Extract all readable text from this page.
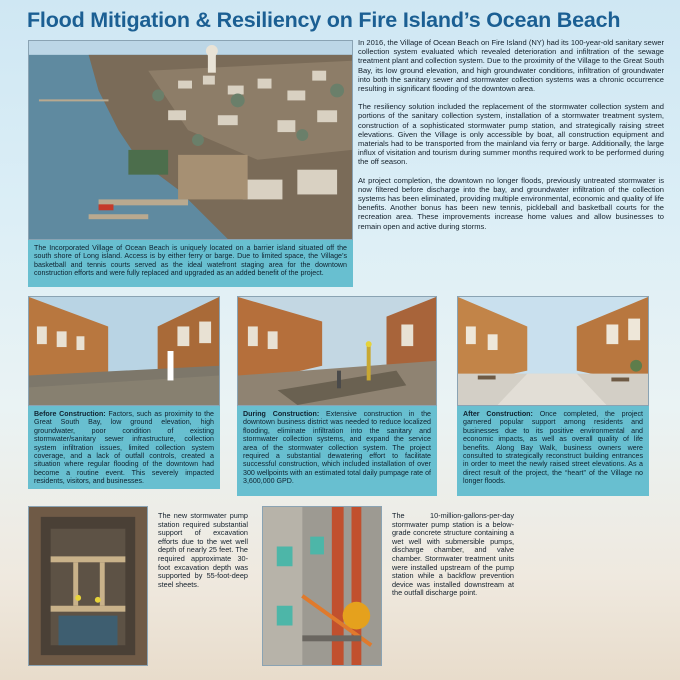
Flood Mitigation & Resiliency on Fire Island’s Ocean Beach
The Incorporated Village of Ocean Beach is uniquely located on a barrier island situated off the south shore of Long island. Access is by either ferry or barge. Due to limited space, the Village’s basketball and tennis courts served as the ideal watefront staging area for the downtown construction efforts and were fully replaced and upgraded as an added benefit of the project.

In 2016, the Village of Ocean Beach on Fire Island (NY) had its 100-year-old sanitary sewer collection system evaluated which revealed deterioration and infiltration of the sewage treatment plant and collection system. Due to the proximity of the Village to the Great South Bay, its low ground elevation, and high groundwater conditions, infiltration of groundwater into both the sanitary sewer and stormwater collection systems was a chronic occurrence resulting in significant flooding of the downtown area.

The resiliency solution included the replacement of the stormwater collection system and portions of the sanitary collection system, installation of a stormwater treatment system, construction of a sophisticated stormwater pump station, and strategically raising street elevations. Given the Village is only accessible by boat, all construction equipment and materials had to be transported from the mainland via ferry or barge. Additionally, the large influx of visitation and tourism during summer months required work to be performed during the off season.

At project completion, the downtown no longer floods, previously untreated stormwater is now filtered before discharge into the bay, and groundwater infiltration of the collection systems has been eliminated, providing multiple environmental, economic and quality of life benefits. Another bonus has been new tennis, pickleball and basketball courts for the recreation area. These improvements increase home values and allow businesses to remain open and active during storms.

Before Construction: Factors, such as proximity to the Great South Bay, low ground elevation, high groundwater, poor condition of existing stormwater/sanitary sewer infrastructure, collection system infiltration issues, limited collection system coverage, and a lack of outfall controls, created a situation where regular flooding of the downtown had become a routine event. This severely impacted residents, visitors, and businesses.
During Construction: Extensive construction in the downtown business district was needed to reduce localized flooding, eliminate infiltration into the sanitary and stormwater collection systems, and expand the service area of the stormwater collection system. The project required a substantial dewatering effort to facilitate successful construction, which included installation of over 300 wellpoints with an estimated total daily pumpage rate of 3,600,000 GPD.
After Construction: Once completed, the project garnered popular support among residents and businesses due to its positive environmental and economic impacts, as well as overall quality of life benefits. Along Bay Walk, business owners were consulted to strategically reconstruct building entrances in order to meet the newly raised street elevations. As a direct result of the project, the “heart” of the Village no longer floods.
The new stormwater pump station required substantial support of excavation efforts due to the wet well depth of nearly 25 feet. The required approximate 30-foot excavation depth was supported by 55-foot-deep steel sheets.
The 10-million-gallons-per-day stormwater pump station is a below-grade concrete structure containing a wet well with submersible pumps, discharge chamber, and valve chamber. Stormwater treatment units were installed upstream of the pump station while a backflow prevention device was installed downstream at the outfall discharge point.
